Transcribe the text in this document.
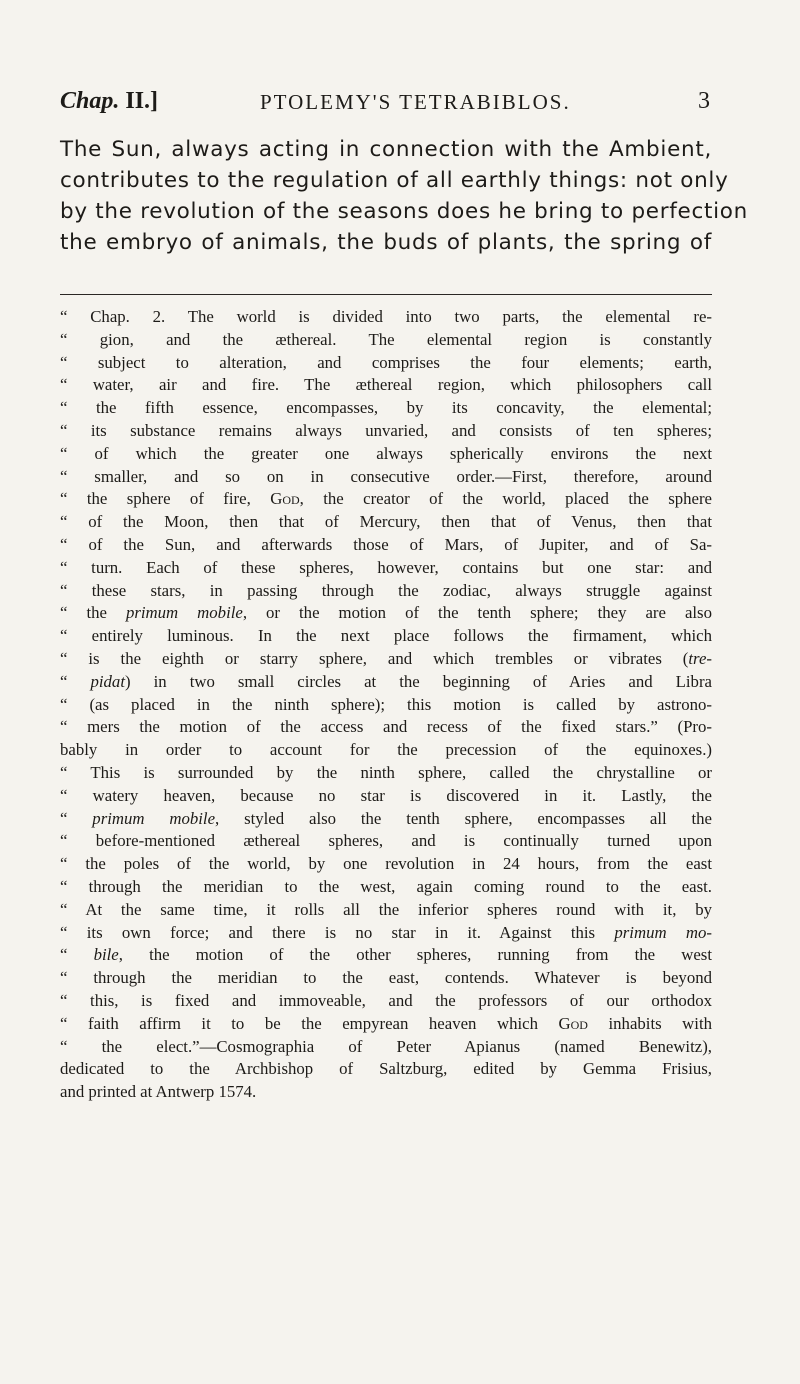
Chap. II.]	PTOLEMY'S TETRABIBLOS.	3
The Sun, always acting in connection with the Ambient,
contributes to the regulation of all earthly things: not only
by the revolution of the seasons does he bring to perfection
the embryo of animals, the buds of plants, the spring of
“ Chap. 2. The world is divided into two parts, the elemental re-
“ gion, and the æthereal. The elemental region is constantly
“ subject to alteration, and comprises the four elements; earth,
“ water, air and fire. The æthereal region, which philosophers call
“ the fifth essence, encompasses, by its concavity, the elemental;
“ its substance remains always unvaried, and consists of ten spheres;
“ of which the greater one always spherically environs the next
“ smaller, and so on in consecutive order.—First, therefore, around
“ the sphere of fire, God, the creator of the world, placed the sphere
“ of the Moon, then that of Mercury, then that of Venus, then that
“ of the Sun, and afterwards those of Mars, of Jupiter, and of Sa-
“ turn. Each of these spheres, however, contains but one star: and
“ these stars, in passing through the zodiac, always struggle against
“ the primum mobile, or the motion of the tenth sphere; they are also
“ entirely luminous. In the next place follows the firmament, which
“ is the eighth or starry sphere, and which trembles or vibrates (tre-
“ pidat) in two small circles at the beginning of Aries and Libra
“ (as placed in the ninth sphere); this motion is called by astrono-
“ mers the motion of the access and recess of the fixed stars.” (Pro-
bably in order to account for the precession of the equinoxes.)
“ This is surrounded by the ninth sphere, called the chrystalline or
“ watery heaven, because no star is discovered in it. Lastly, the
“ primum mobile, styled also the tenth sphere, encompasses all the
“ before-mentioned æthereal spheres, and is continually turned upon
“ the poles of the world, by one revolution in 24 hours, from the east
“ through the meridian to the west, again coming round to the east.
“ At the same time, it rolls all the inferior spheres round with it, by
“ its own force; and there is no star in it. Against this primum mo-
“ bile, the motion of the other spheres, running from the west
“ through the meridian to the east, contends. Whatever is beyond
“ this, is fixed and immoveable, and the professors of our orthodox
“ faith affirm it to be the empyrean heaven which God inhabits with
“ the elect.”—Cosmographia of Peter Apianus (named Benewitz),
dedicated to the Archbishop of Saltzburg, edited by Gemma Frisius,
and printed at Antwerp 1574.
